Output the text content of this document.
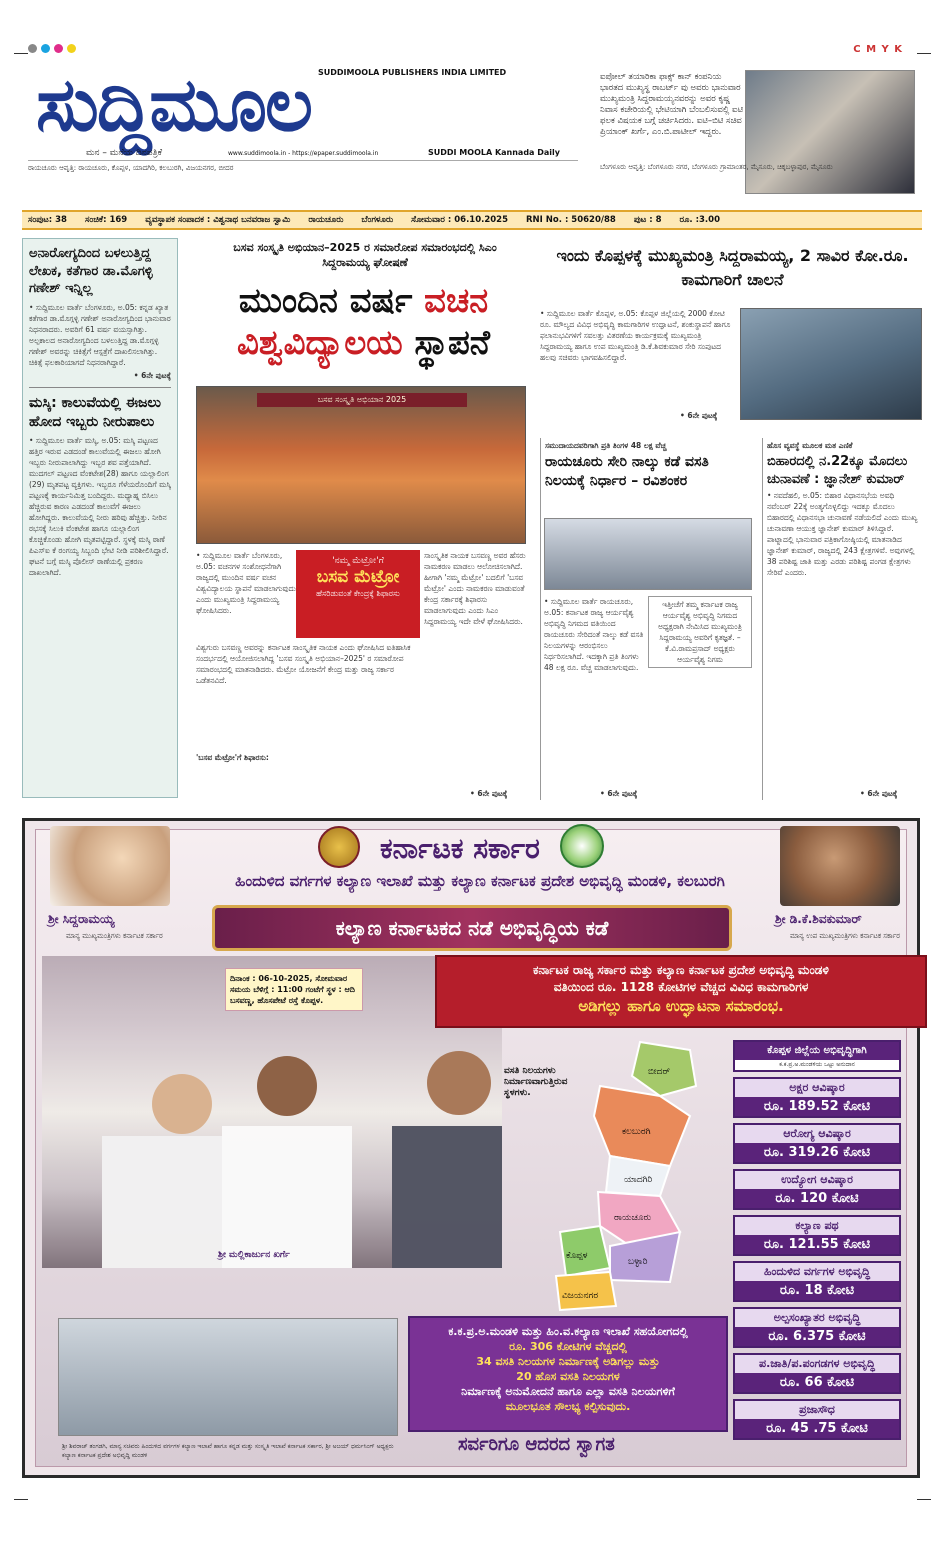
C M Y K
ಸುದ್ದಿಮೂಲ SUDDIMOOLA PUBLISHERS INDIA LIMITED
ಮನ – ಮನೆಯ ದಿನಪತ್ರಿಕೆ	www.suddimoola.in - https://epaper.suddimoola.in	SUDDI MOOLA Kannada Daily
ಐಪೋಲ್ ತಯಾರಿಕಾ ಫಾಕ್ಸ್ ಕಾನ್ ಕಂಪನಿಯ ಭಾರತದ ಮುಖ್ಯಸ್ಥ ರಾಬರ್ಟ್ ವು ಅವರು ಭಾನುವಾರ ಮುಖ್ಯಮಂತ್ರಿ ಸಿದ್ದರಾಮಯ್ಯನವರನ್ನು ಅವರ ಕೃಷ್ಣ ನಿವಾಸ ಕಚೇರಿಯಲ್ಲಿ ಭೇಟಿಯಾಗಿ ಬೆಂಬಲಿಸುವಲ್ಲಿ ಐಟಿ ಫಲಕ ವಿಷಯಕ ಬಗ್ಗೆ ಚರ್ಚಿಸಿದರು. ಐಟಿ–ಬಿಟಿ ಸಚಿವ ಪ್ರಿಯಾಂಕ್ ಖರ್ಗೆ, ಎಂ.ಬಿ.ಪಾಟೀಲ್ ಇದ್ದರು.
ರಾಯಚೂರು ಆವೃತ್ತಿ: ರಾಯಚೂರು, ಕೊಪ್ಪಳ, ಯಾದಗಿರಿ, ಕಲಬುರಗಿ, ವಿಜಯನಗರ, ಬೀದರ	ಬೆಂಗಳೂರು ಆವೃತ್ತಿ: ಬೆಂಗಳೂರು ನಗರ, ಬೆಂಗಳೂರು ಗ್ರಾಮಾಂತರ, ಮೈಸೂರು, ಚಿಕ್ಕಬಳ್ಳಾಪುರ, ಮೈಸೂರು
ಸಂಪುಟ: 38 ಸಂಚಿಕೆ: 169 ವ್ಯವಸ್ಥಾಪಕ ಸಂಪಾದಕ : ವಿಶ್ವನಾಥ ಬನವರಾಜ ಸ್ವಾಮಿ ರಾಯಚೂರು ಬೆಂಗಳೂರು ಸೋಮವಾರ : 06.10.2025 RNI No. : 50620/88 ಪುಟ : 8 ರೂ. :3.00
ಅನಾರೋಗ್ಯದಿಂದ ಬಳಲುತ್ತಿದ್ದ ಲೇಖಕ, ಕತೆಗಾರ ಡಾ.ಮೊಗಳ್ಳಿ ಗಣೇಶ್ ಇನ್ನಿಲ್ಲ
• ಸುದ್ದಿಮೂಲ ವಾರ್ತೆ ಬೆಂಗಳೂರು, ಅ.05: ಕನ್ನಡ ಖ್ಯಾತ ಕತೆಗಾರ ಡಾ.ಮೊಗ್ಗಳ್ಳಿ ಗಣೇಶ್ ಅನಾರೋಗ್ಯದಿಂದ ಭಾನುವಾರ ನಿಧನರಾದರು. ಅವರಿಗೆ 61 ವರ್ಷ ವಯಸ್ಸಾಗಿತ್ತು. ಅಲ್ಪಕಾಲದ ಅನಾರೋಗ್ಯದಿಂದ ಬಳಲುತ್ತಿದ್ದ ಡಾ.ಮೊಗ್ಗಳ್ಳಿ ಗಣೇಶ್ ಅವರನ್ನು ಚಿಕಿತ್ಸೆಗೆ ಆಸ್ಪತ್ರೆಗೆ ದಾಖಲಿಸಲಾಗಿತ್ತು. ಚಿಕಿತ್ಸೆ ಫಲಕಾರಿಯಾಗದೆ ನಿಧನರಾಗಿದ್ದಾರೆ.
• 6ನೇ ಪುಟಕ್ಕೆ
ಮಸ್ಕಿ: ಕಾಲುವೆಯಲ್ಲಿ ಈಜಲು ಹೋದ ಇಬ್ಬರು ನೀರುಪಾಲು
• ಸುದ್ದಿಮೂಲ ವಾರ್ತೆ ಮಸ್ಕಿ, ಅ.05: ಮಸ್ಕಿ ಪಟ್ಟಣದ ಹತ್ತಿರ ಇರುವ ಎಡದಂಡೆ ಕಾಲುವೆಯಲ್ಲಿ ಈಜಲು ಹೋಗಿ ಇಬ್ಬರು ನೀರುಪಾಲಾಗಿದ್ದು ಇಬ್ಬರ ಶವ ಪತ್ತೆಯಾಗಿದೆ. ಮುದಗಲ್ ಪಟ್ಟಣದ ವೆಂಕಟೇಶ(28) ಹಾಗೂ ಯಲ್ಲಾಲಿಂಗ (29) ಮೃತಪಟ್ಟ ವ್ಯಕ್ತಿಗಳು. ಇಬ್ಬರೂ ಗೆಳೆಯರೊಂದಿಗೆ ಮಸ್ಕಿ ಪಟ್ಟಣಕ್ಕೆ ಕಾರ್ಯನಿಮಿತ್ತ ಬಂದಿದ್ದರು. ಮಧ್ಯಾಹ್ನ ಬಿಸಿಲು ಹೆಚ್ಚಿರುವ ಕಾರಣ ಎಡದಂಡೆ ಕಾಲುವೆಗೆ ಈಜಲು ಹೋಗಿದ್ದರು. ಕಾಲುವೆಯಲ್ಲಿ ನೀರು ಹರಿವು ಹೆಚ್ಚಿತ್ತು. ನೀರಿನ ರಭಸಕ್ಕೆ ಸಿಲುಕಿ ವೆಂಕಟೇಶ ಹಾಗೂ ಯಲ್ಲಾಲಿಂಗ ಕೊಚ್ಚಿಕೊಂಡು ಹೋಗಿ ಮೃತಪಟ್ಟಿದ್ದಾರೆ. ಸ್ಥಳಕ್ಕೆ ಮಸ್ಕಿ ಠಾಣೆ ಪಿಎಸ್ಐ ಕೆ ರಂಗಯ್ಯ ಸಿಬ್ಬಂದಿ ಭೇಟಿ ನೀಡಿ ಪರಿಶೀಲಿಸಿದ್ದಾರೆ. ಘಟನೆ ಬಗ್ಗೆ ಮಸ್ಕಿ ಪೊಲೀಸ್ ಠಾಣೆಯಲ್ಲಿ ಪ್ರಕರಣ ದಾಖಲಾಗಿದೆ.
ಬಸವ ಸಂಸ್ಕೃತಿ ಅಭಿಯಾನ–2025 ರ ಸಮಾರೋಪ ಸಮಾರಂಭದಲ್ಲಿ ಸಿಎಂ ಸಿದ್ದರಾಮಯ್ಯ ಘೋಷಣೆ
ಮುಂದಿನ ವರ್ಷ ವಚನ
ವಿಶ್ವವಿದ್ಯಾಲಯ ಸ್ಥಾಪನೆ
ಬಸವ ಸಂಸ್ಕೃತಿ ಅಭಿಯಾನ 2025
• ಸುದ್ದಿಮೂಲ ವಾರ್ತೆ ಬೆಂಗಳೂರು, ಅ.05: ವಚನಗಳ ಸಂಶೋಧನೆಗಾಗಿ ರಾಜ್ಯದಲ್ಲಿ ಮುಂದಿನ ವರ್ಷ ವಚನ ವಿಶ್ವವಿದ್ಯಾಲಯ ಸ್ಥಾಪನೆ ಮಾಡಲಾಗುವುದು ಎಂದು ಮುಖ್ಯಮಂತ್ರಿ ಸಿದ್ದರಾಮಯ್ಯ ಘೋಷಿಸಿದರು.
'ನಮ್ಮ ಮೆಟ್ರೋ'ಗೆ
ಬಸವ ಮೆಟ್ರೋ
ಹೆಸರಿಡುವಂತೆ ಕೇಂದ್ರಕ್ಕೆ ಶಿಫಾರಸು
ಸಾಂಸ್ಕೃತಿಕ ನಾಯಕ ಬಸವಣ್ಣ ಅವರ ಹೆಸರು ನಾಮಕರಣ ಮಾಡಲು ಆಲೋಚಿಸಲಾಗಿದೆ. ಹೀಗಾಗಿ 'ನಮ್ಮ ಮೆಟ್ರೋ' ಬದಲಿಗೆ 'ಬಸವ ಮೆಟ್ರೋ' ಎಂದು ನಾಮಕರಣ ಮಾಡುವಂತೆ ಕೇಂದ್ರ ಸರ್ಕಾರಕ್ಕೆ ಶಿಫಾರಸು ಮಾಡಲಾಗುವುದು ಎಂದು ಸಿಎಂ ಸಿದ್ದರಾಮಯ್ಯ ಇದೇ ವೇಳೆ ಘೋಷಿಸಿದರು.
ವಿಶ್ವಗುರು ಬಸವಣ್ಣ ಅವರನ್ನು ಕರ್ನಾಟಕ ಸಾಂಸ್ಕೃತಿಕ ನಾಯಕ ಎಂದು ಘೋಷಿಸಿದ ಐತಿಹಾಸಿಕ ಸಂದರ್ಭದಲ್ಲಿ ಆಯೋಜಿಸಲಾಗಿದ್ದ 'ಬಸವ ಸಂಸ್ಕೃತಿ ಅಭಿಯಾನ–2025' ರ ಸಮಾರೋಪ ಸಮಾರಂಭದಲ್ಲಿ ಮಾತನಾಡಿದರು. ಮೆಟ್ರೋ ಯೋಜನೆಗೆ ಕೇಂದ್ರ ಮತ್ತು ರಾಜ್ಯ ಸರ್ಕಾರ ಒಡೆತನವಿದೆ.
'ಬಸವ ಮೆಟ್ರೋ'ಗೆ ಶಿಫಾರಸು:
• 6ನೇ ಪುಟಕ್ಕೆ
ಇಂದು ಕೊಪ್ಪಳಕ್ಕೆ ಮುಖ್ಯಮಂತ್ರಿ ಸಿದ್ದರಾಮಯ್ಯ, 2 ಸಾವಿರ ಕೋ.ರೂ. ಕಾಮಗಾರಿಗೆ ಚಾಲನೆ
• ಸುದ್ದಿಮೂಲ ವಾರ್ತೆ ಕೊಪ್ಪಳ, ಅ.05: ಕೊಪ್ಪಳ ಜಿಲ್ಲೆಯಲ್ಲಿ 2000 ಕೋಟಿ ರೂ. ಮೌಲ್ಯದ ವಿವಿಧ ಅಭಿವೃದ್ಧಿ ಕಾಮಗಾರಿಗಳ ಉದ್ಘಾಟನೆ, ಶಂಕುಸ್ಥಾಪನೆ ಹಾಗೂ ಫಲಾನುಭವಿಗಳಿಗೆ ಸವಲತ್ತು ವಿತರಣೆಯ ಕಾರ್ಯಕ್ರಮಕ್ಕೆ ಮುಖ್ಯಮಂತ್ರಿ ಸಿದ್ದರಾಮಯ್ಯ ಹಾಗೂ ಉಪ ಮುಖ್ಯಮಂತ್ರಿ ಡಿ.ಕೆ.ಶಿವಕುಮಾರ ಸೇರಿ ಸಂಪುಟದ ಹಲವು ಸಚಿವರು ಭಾಗವಹಿಸಲಿದ್ದಾರೆ.
• 6ನೇ ಪುಟಕ್ಕೆ
ಸಮುದಾಯದವರಿಗಾಗಿ ಪ್ರತಿ ತಿಂಗಳ 48 ಲಕ್ಷ ವೆಚ್ಚ
ರಾಯಚೂರು ಸೇರಿ ನಾಲ್ಕು ಕಡೆ ವಸತಿ ನಿಲಯಕ್ಕೆ ನಿರ್ಧಾರ – ರವಿಶಂಕರ
• ಸುದ್ದಿಮೂಲ ವಾರ್ತೆ ರಾಯಚೂರು, ಅ.05: ಕರ್ನಾಟಕ ರಾಜ್ಯ ಆರ್ಯವೈಶ್ಯ ಅಭಿವೃದ್ಧಿ ನಿಗಮದ ವತಿಯಿಂದ ರಾಯಚೂರು ಸೇರಿದಂತೆ ನಾಲ್ಕು ಕಡೆ ವಸತಿ ನಿಲಯಗಳನ್ನು ಆರಂಭಿಸಲು ನಿರ್ಧರಿಸಲಾಗಿದೆ. ಇದಕ್ಕಾಗಿ ಪ್ರತಿ ತಿಂಗಳು 48 ಲಕ್ಷ ರೂ. ವೆಚ್ಚ ಮಾಡಲಾಗುವುದು.
ಇತ್ತೀಚೆಗೆ ತಮ್ಮ ಕರ್ನಾಟಕ ರಾಜ್ಯ ಆರ್ಯವೈಶ್ಯ ಅಭಿವೃದ್ಧಿ ನಿಗಮದ ಅಧ್ಯಕ್ಷರಾಗಿ ನೇಮಿಸಿದ ಮುಖ್ಯಮಂತ್ರಿ ಸಿದ್ದರಾಮಯ್ಯ ಅವರಿಗೆ ಕೃತಜ್ಞತೆ. – ಕೆ.ವಿ.ರಾಮಪ್ರಸಾದ್ ಅಧ್ಯಕ್ಷರು ಆರ್ಯವೈಶ್ಯ ನಿಗಮ
• 6ನೇ ಪುಟಕ್ಕೆ
ಹೊಸ ವ್ಯವಸ್ಥೆ ಮೂಲಕ ಮತ ಎಣಿಕೆ
ಬಿಹಾರದಲ್ಲಿ ನ.22ಕ್ಕೂ ಮೊದಲು ಚುನಾವಣೆ : ಜ್ಞಾನೇಶ್ ಕುಮಾರ್
• ನವದೆಹಲಿ, ಅ.05: ಬಿಹಾರ ವಿಧಾನಸಭೆಯ ಅವಧಿ ನವೆಂಬರ್ 22ಕ್ಕೆ ಅಂತ್ಯಗೊಳ್ಳಲಿದ್ದು ಇದಕ್ಕೂ ಮೊದಲು ಬಿಹಾರದಲ್ಲಿ ವಿಧಾನಸಭಾ ಚುನಾವಣೆ ನಡೆಯಲಿದೆ ಎಂದು ಮುಖ್ಯ ಚುನಾವಣಾ ಆಯುಕ್ತ ಜ್ಞಾನೇಶ್ ಕುಮಾರ್ ತಿಳಿಸಿದ್ದಾರೆ. ಪಾಟ್ನಾದಲ್ಲಿ ಭಾನುವಾರ ಪತ್ರಿಕಾಗೋಷ್ಠಿಯಲ್ಲಿ ಮಾತನಾಡಿದ ಜ್ಞಾನೇಶ್ ಕುಮಾರ್, ರಾಜ್ಯದಲ್ಲಿ 243 ಕ್ಷೇತ್ರಗಳಿವೆ. ಅವುಗಳಲ್ಲಿ 38 ಪರಿಶಿಷ್ಟ ಜಾತಿ ಮತ್ತು ಎರಡು ಪರಿಶಿಷ್ಟ ಪಂಗಡ ಕ್ಷೇತ್ರಗಳು ಸೇರಿವೆ ಎಂದರು.
• 6ನೇ ಪುಟಕ್ಕೆ
ಕರ್ನಾಟಕ ಸರ್ಕಾರ
ಹಿಂದುಳಿದ ವರ್ಗಗಳ ಕಲ್ಯಾಣ ಇಲಾಖೆ ಮತ್ತು ಕಲ್ಯಾಣ ಕರ್ನಾಟಕ ಪ್ರದೇಶ ಅಭಿವೃದ್ಧಿ ಮಂಡಳಿ, ಕಲಬುರಗಿ
ಕಲ್ಯಾಣ ಕರ್ನಾಟಕದ ನಡೆ ಅಭಿವೃದ್ಧಿಯ ಕಡೆ
ಶ್ರೀ ಸಿದ್ದರಾಮಯ್ಯ
ಮಾನ್ಯ ಮುಖ್ಯಮಂತ್ರಿಗಳು ಕರ್ನಾಟಕ ಸರ್ಕಾರ
ಶ್ರೀ ಡಿ.ಕೆ.ಶಿವಕುಮಾರ್
ಮಾನ್ಯ ಉಪ ಮುಖ್ಯಮಂತ್ರಿಗಳು ಕರ್ನಾಟಕ ಸರ್ಕಾರ
ದಿನಾಂಕ : 06-10-2025, ಸೋಮವಾರ ಸಮಯ ಬೆಳಿಗ್ಗೆ : 11:00 ಗಂಟೆಗೆ ಸ್ಥಳ : ಆದಿ ಬಸವಣ್ಣ, ಹೊಸಪೇಟೆ ರಸ್ತೆ ಕೊಪ್ಪಳ.
ಶ್ರೀ ಮಲ್ಲಿಕಾರ್ಜುನ ಖರ್ಗೆ
ಕರ್ನಾಟಕ ರಾಜ್ಯ ಸರ್ಕಾರ ಮತ್ತು ಕಲ್ಯಾಣ ಕರ್ನಾಟಕ ಪ್ರದೇಶ ಅಭಿವೃದ್ಧಿ ಮಂಡಳಿ
ವತಿಯಿಂದ ರೂ. 1128 ಕೋಟಿಗಳ ವೆಚ್ಚದ ವಿವಿಧ ಕಾಮಗಾರಿಗಳ
ಅಡಿಗಲ್ಲು ಹಾಗೂ ಉದ್ಘಾಟನಾ ಸಮಾರಂಭ.
ವಸತಿ ನಿಲಯಗಳು ನಿರ್ಮಾಣವಾಗುತ್ತಿರುವ ಸ್ಥಳಗಳು.
ಬೀದರ್
ಕಲಬುರಗಿ
ಯಾದಗಿರಿ
ರಾಯಚೂರು
ಕೊಪ್ಪಳ
ಬಳ್ಳಾರಿ
ವಿಜಯನಗರ
ಕೊಪ್ಪಳ ಜಿಲ್ಲೆಯ ಅಭಿವೃದ್ಧಿಗಾಗಿ
ಕ.ಕ.ಪ್ರ.ಅ.ಮಂಡಳಿಯ ಒಟ್ಟು ಅನುದಾನ
ಅಕ್ಷರ ಆವಿಷ್ಕಾರ
ರೂ. 189.52 ಕೋಟಿ
ಆರೋಗ್ಯ ಆವಿಷ್ಕಾರ
ರೂ. 319.26 ಕೋಟಿ
ಉದ್ಯೋಗ ಆವಿಷ್ಕಾರ
ರೂ. 120 ಕೋಟಿ
ಕಲ್ಯಾಣ ಪಥ
ರೂ. 121.55 ಕೋಟಿ
ಹಿಂದುಳಿದ ವರ್ಗಗಳ ಅಭಿವೃದ್ಧಿ
ರೂ. 18 ಕೋಟಿ
ಅಲ್ಪಸಂಖ್ಯಾತರ ಅಭಿವೃದ್ಧಿ
ರೂ. 6.375 ಕೋಟಿ
ಪ.ಜಾತಿ/ಪ.ಪಂಗಡಗಳ ಅಭಿವೃದ್ಧಿ
ರೂ. 66 ಕೋಟಿ
ಪ್ರಜಾಸೌಧ
ರೂ. 45 .75 ಕೋಟಿ
ಶ್ರೀ ಶಿವರಾಜ್ ತಂಗಡಗಿ, ಮಾನ್ಯ ಸಚಿವರು ಹಿಂದುಳಿದ ವರ್ಗಗಳ ಕಲ್ಯಾಣ ಇಲಾಖೆ ಹಾಗೂ ಕನ್ನಡ ಮತ್ತು ಸಂಸ್ಕೃತಿ ಇಲಾಖೆ ಕರ್ನಾಟಕ ಸರ್ಕಾರ, ಶ್ರೀ ಅಜಯ್ ಧರ್ಮಸಿಂಗ್ ಅಧ್ಯಕ್ಷರು ಕಲ್ಯಾಣ ಕರ್ನಾಟಕ ಪ್ರದೇಶ ಅಭಿವೃದ್ಧಿ ಮಂಡಳಿ
ಕ.ಕ.ಪ್ರ.ಅ.ಮಂಡಳಿ ಮತ್ತು ಹಿಂ.ವ.ಕಲ್ಯಾಣ ಇಲಾಖೆ ಸಹಯೋಗದಲ್ಲಿ
ರೂ. 306 ಕೋಟಿಗಳ ವೆಚ್ಚದಲ್ಲಿ
34 ವಸತಿ ನಿಲಯಗಳ ನಿರ್ಮಾಣಕ್ಕೆ ಅಡಿಗಲ್ಲು ಮತ್ತು
20 ಹೊಸ ವಸತಿ ನಿಲಯಗಳ
ನಿರ್ಮಾಣಕ್ಕೆ ಅನುಮೋದನೆ ಹಾಗೂ ಎಲ್ಲಾ ವಸತಿ ನಿಲಯಗಳಿಗೆ
ಮೂಲಭೂತ ಸೌಲಭ್ಯ ಕಲ್ಪಿಸುವುದು.
ಸರ್ವರಿಗೂ ಆದರದ ಸ್ವಾಗತ
